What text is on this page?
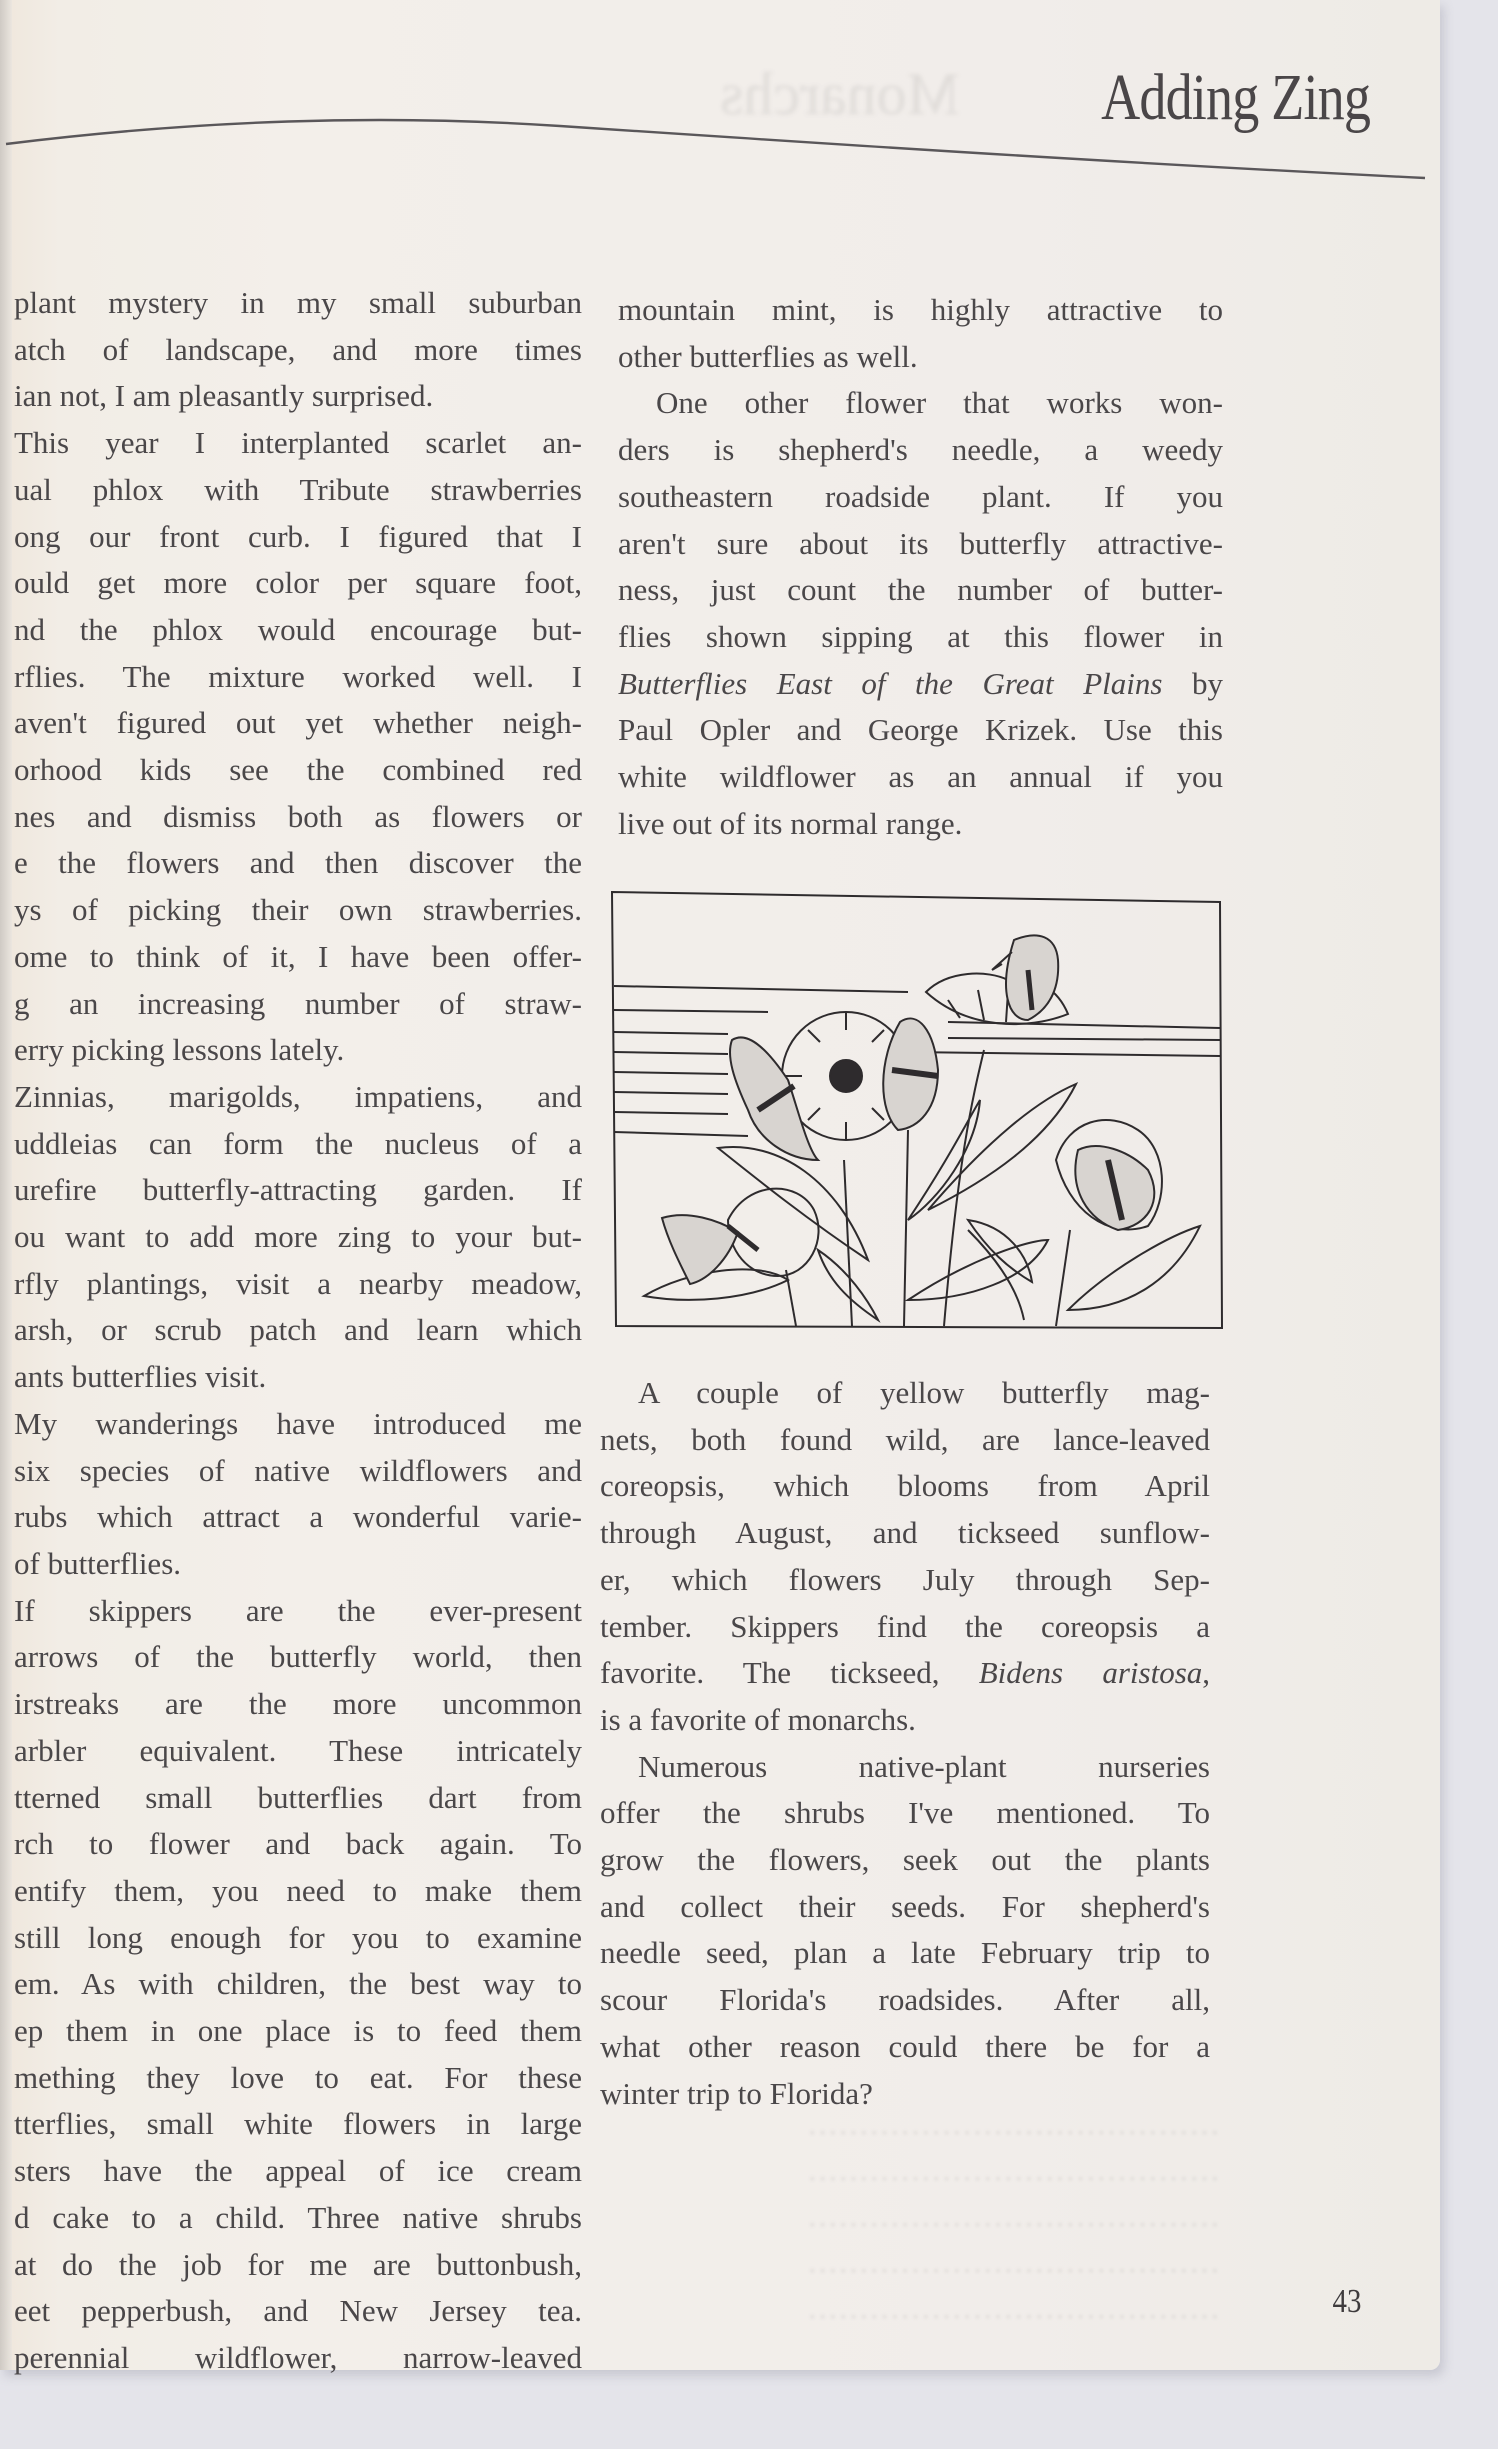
Monarchs Adding Zing
plant mystery in my small suburban
atch of landscape, and more times
ian not, I am pleasantly surprised.
This year I interplanted scarlet an-
ual phlox with Tribute strawberries
ong our front curb. I figured that I
ould get more color per square foot,
nd the phlox would encourage but-
rflies. The mixture worked well. I
aven't figured out yet whether neigh-
orhood kids see the combined red
nes and dismiss both as flowers or
e the flowers and then discover the
ys of picking their own strawberries.
ome to think of it, I have been offer-
g an increasing number of straw-
erry picking lessons lately.
Zinnias, marigolds, impatiens, and
uddleias can form the nucleus of a
urefire butterfly-attracting garden. If
ou want to add more zing to your but-
rfly plantings, visit a nearby meadow,
arsh, or scrub patch and learn which
ants butterflies visit.
My wanderings have introduced me
six species of native wildflowers and
rubs which attract a wonderful varie-
of butterflies.
If skippers are the ever-present
arrows of the butterfly world, then
irstreaks are the more uncommon
arbler equivalent. These intricately
tterned small butterflies dart from
rch to flower and back again. To
entify them, you need to make them
still long enough for you to examine
em. As with children, the best way to
ep them in one place is to feed them
mething they love to eat. For these
tterflies, small white flowers in large
sters have the appeal of ice cream
d cake to a child. Three native shrubs
at do the job for me are buttonbush,
eet pepperbush, and New Jersey tea.
perennial wildflower, narrow-leaved
mountain mint, is highly attractive to
other butterflies as well.
One other flower that works won-
ders is shepherd's needle, a weedy
southeastern roadside plant. If you
aren't sure about its butterfly attractive-
ness, just count the number of butter-
flies shown sipping at this flower in
Butterflies East of the Great Plains by
Paul Opler and George Krizek. Use this
white wildflower as an annual if you
live out of its normal range.
A couple of yellow butterfly mag-
nets, both found wild, are lance-leaved
coreopsis, which blooms from April
through August, and tickseed sunflow-
er, which flowers July through Sep-
tember. Skippers find the coreopsis a
favorite. The tickseed, Bidens aristosa,
is a favorite of monarchs.
Numerous native-plant nurseries
offer the shrubs I've mentioned. To
grow the flowers, seek out the plants
and collect their seeds. For shepherd's
needle seed, plan a late February trip to
scour Florida's roadsides. After all,
what other reason could there be for a
winter trip to Florida?
········································
········································
········································
········································
········································	43
